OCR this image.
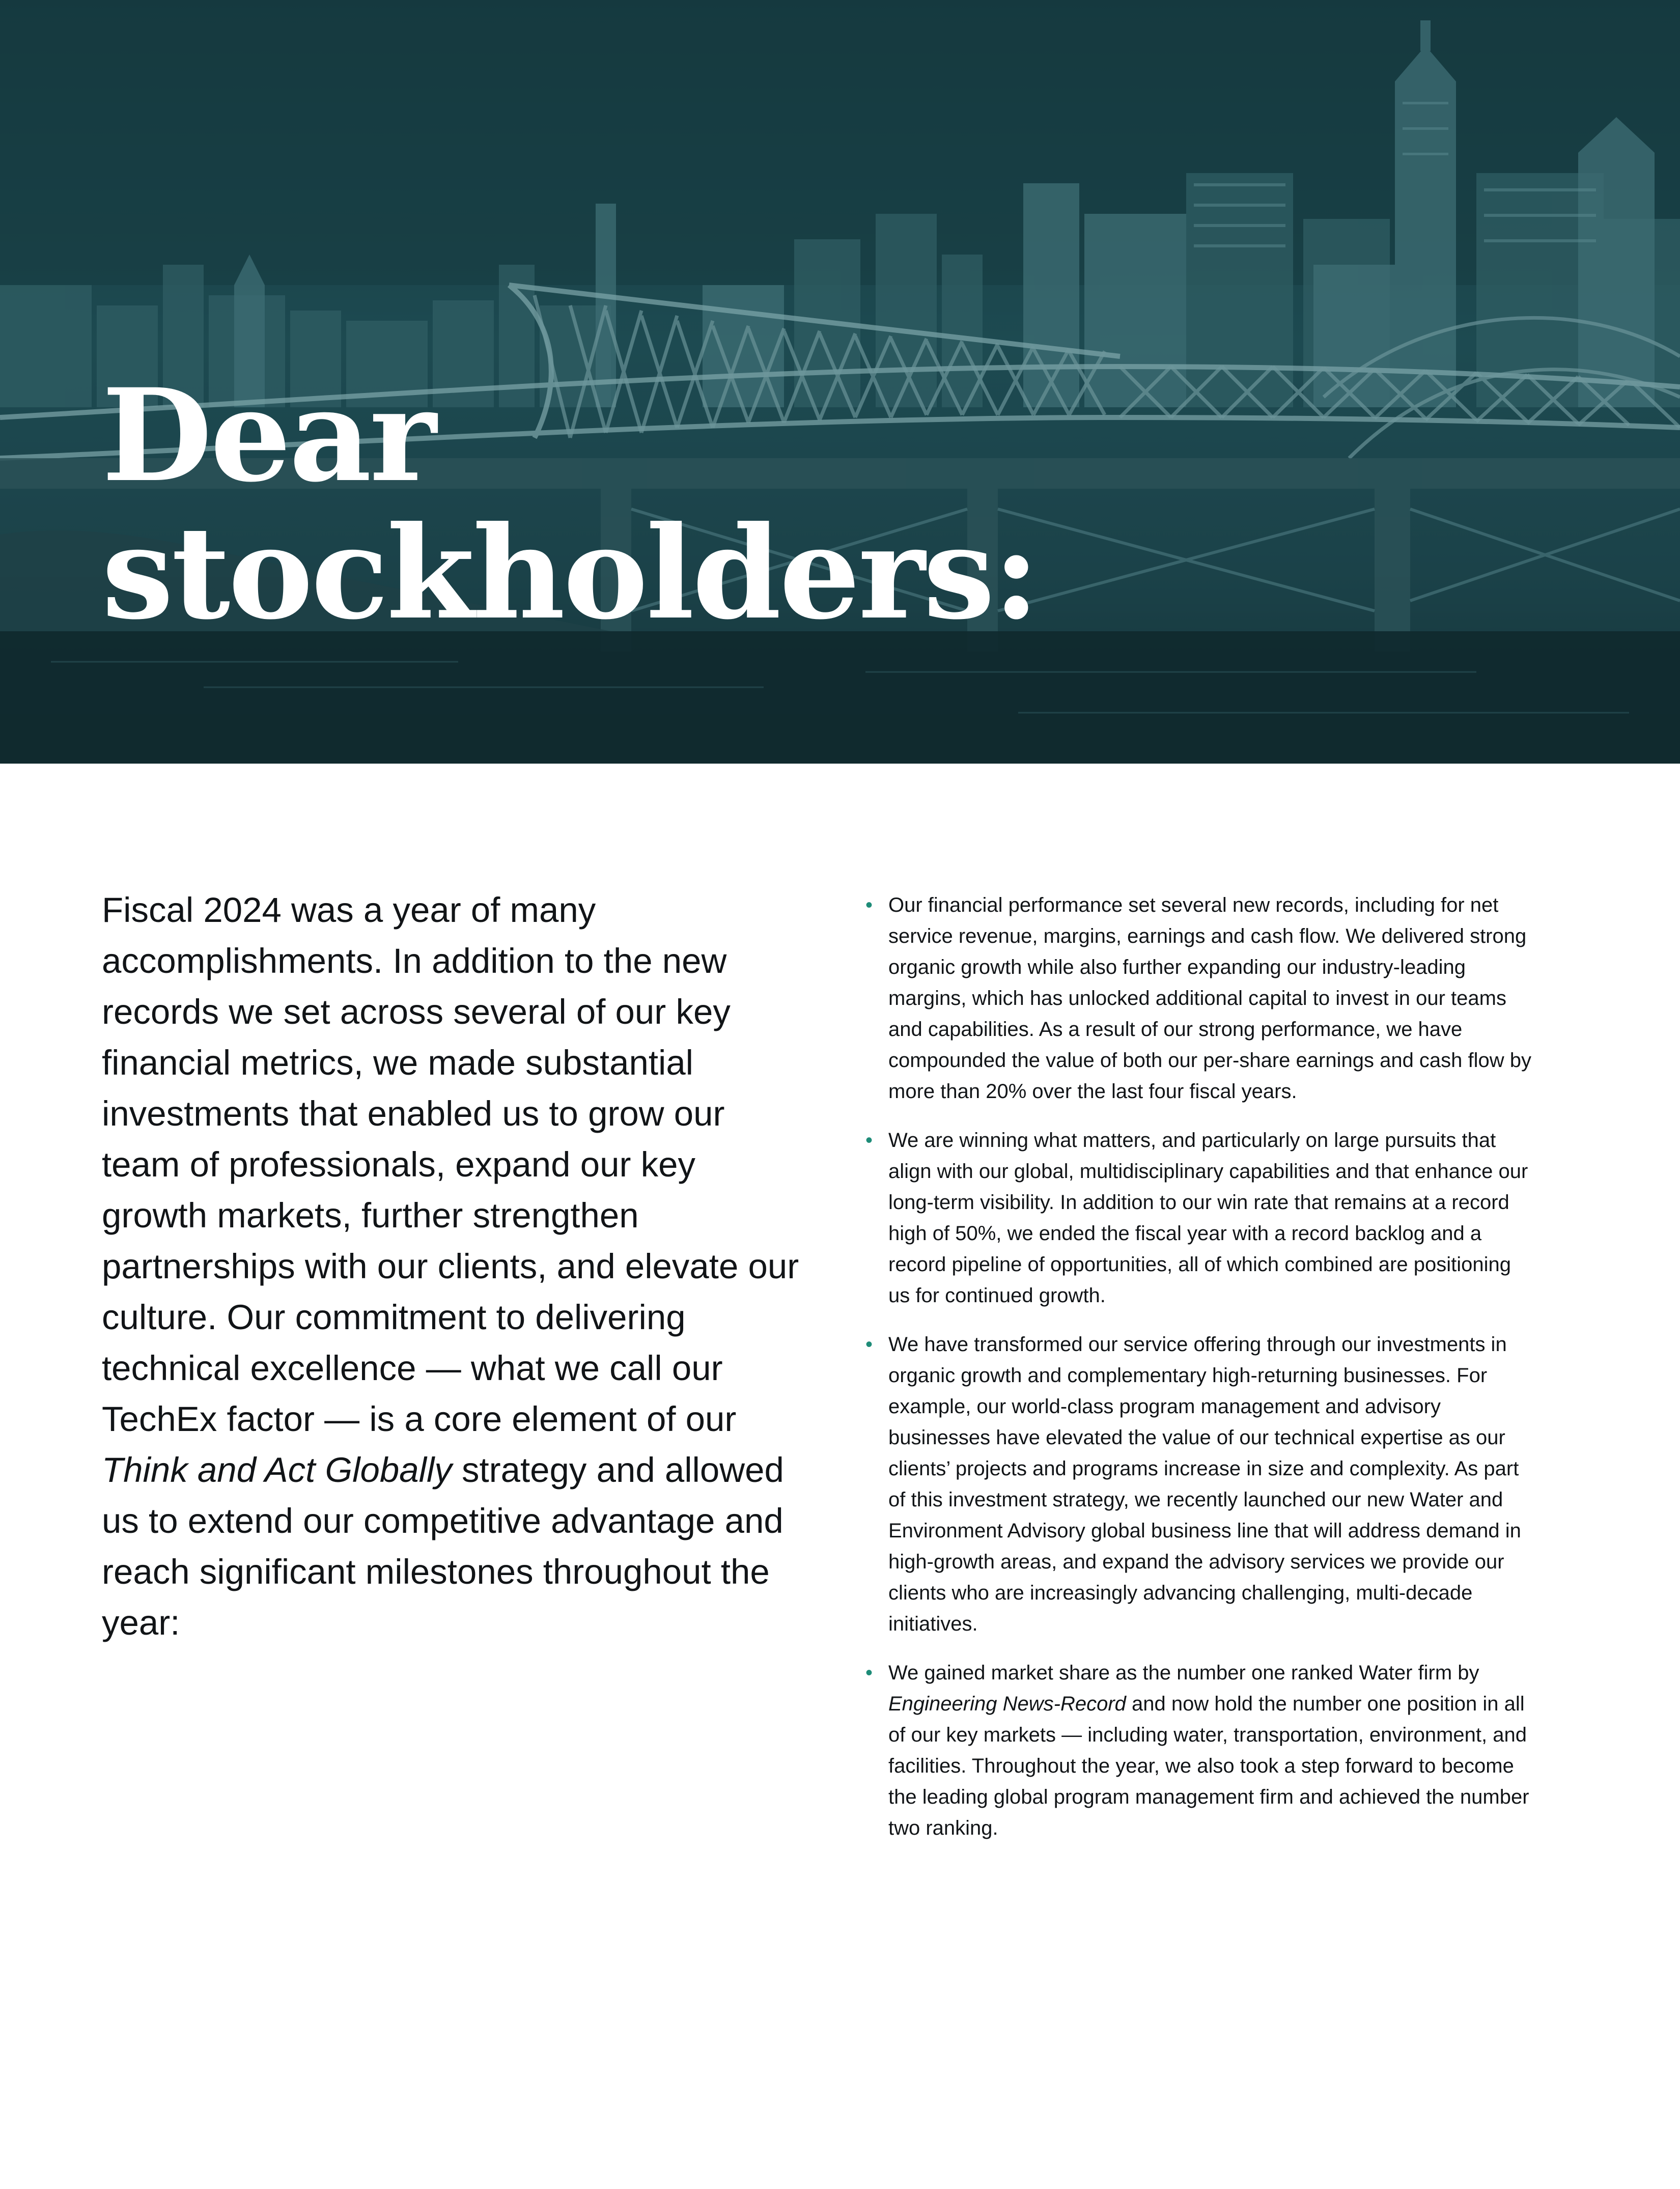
Dear
stockholders:

Fiscal 2024 was a year of many accomplishments. In addition to the new records we set across several of our key financial metrics, we made substantial investments that enabled us to grow our team of professionals, expand our key growth markets, further strengthen partnerships with our clients, and elevate our culture. Our commitment to delivering technical excellence — what we call our TechEx factor — is a core element of our Think and Act Globally strategy and allowed us to extend our competitive advantage and reach significant milestones throughout the year:

• Our financial performance set several new records, including for net service revenue, margins, earnings and cash flow. We delivered strong organic growth while also further expanding our industry-leading margins, which has unlocked additional capital to invest in our teams and capabilities. As a result of our strong performance, we have compounded the value of both our per-share earnings and cash flow by more than 20% over the last four fiscal years.
• We are winning what matters, and particularly on large pursuits that align with our global, multidisciplinary capabilities and that enhance our long-term visibility. In addition to our win rate that remains at a record high of 50%, we ended the fiscal year with a record backlog and a record pipeline of opportunities, all of which combined are positioning us for continued growth.
• We have transformed our service offering through our investments in organic growth and complementary high-returning businesses. For example, our world-class program management and advisory businesses have elevated the value of our technical expertise as our clients’ projects and programs increase in size and complexity. As part of this investment strategy, we recently launched our new Water and Environment Advisory global business line that will address demand in high-growth areas, and expand the advisory services we provide our clients who are increasingly advancing challenging, multi-decade initiatives.
• We gained market share as the number one ranked Water firm by Engineering News-Record and now hold the number one position in all of our key markets — including water, transportation, environment, and facilities. Throughout the year, we also took a step forward to become the leading global program management firm and achieved the number two ranking.
